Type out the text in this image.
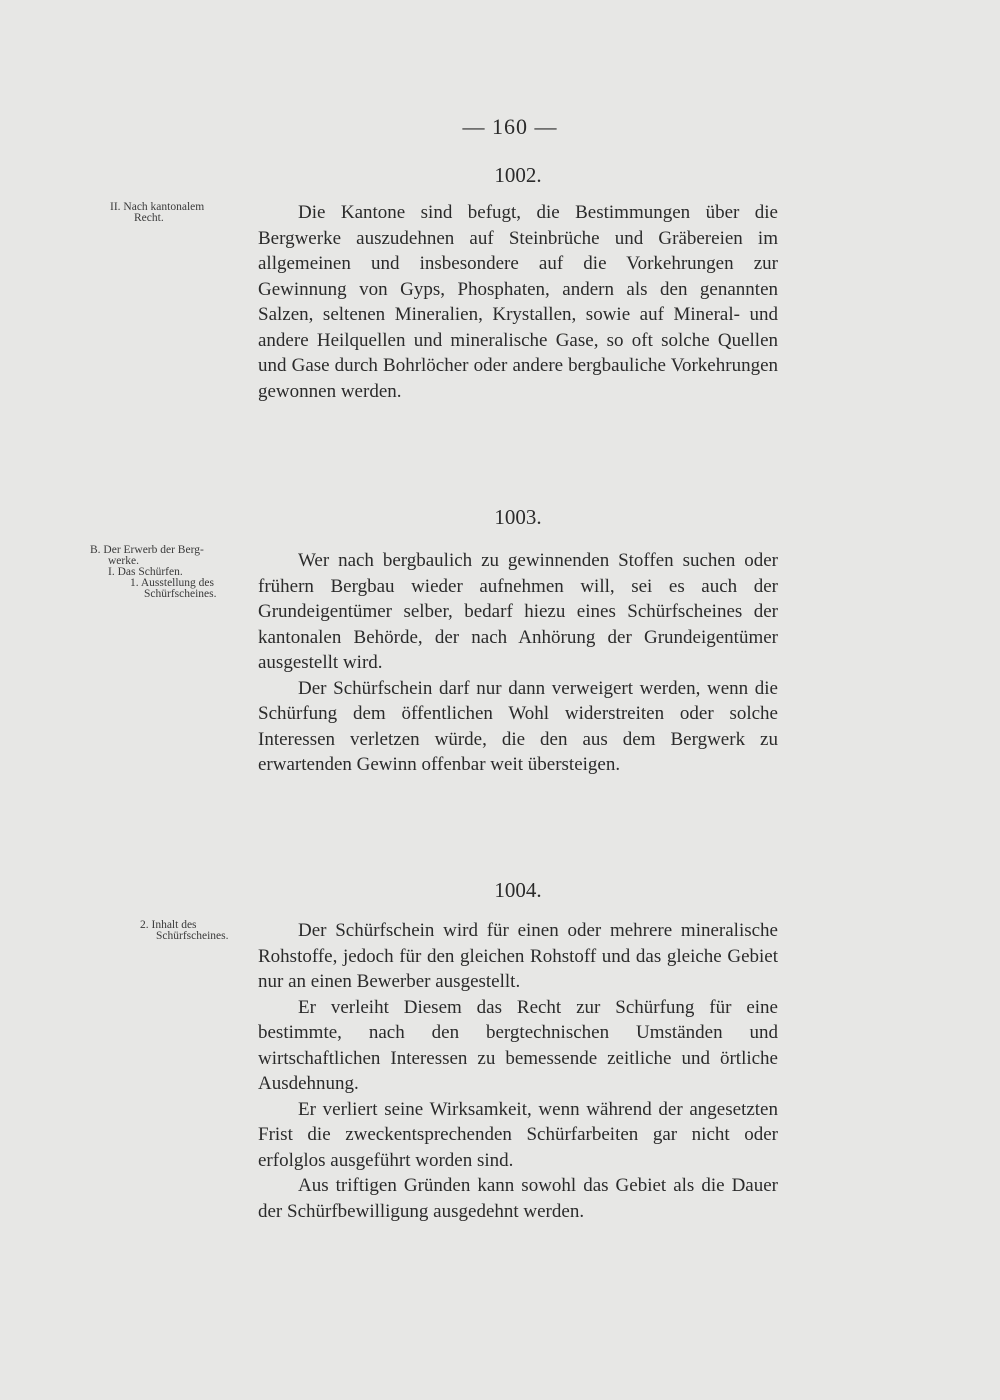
— 160 —
1002.
II. Nach kantonalem
Recht.	Die Kantone sind befugt, die Bestimmungen über die Bergwerke auszudehnen auf Steinbrüche und Gräbereien im allgemeinen und insbesondere auf die Vorkehrungen zur Gewinnung von Gyps, Phosphaten, andern als den genannten Salzen, seltenen Mineralien, Krystallen, sowie auf Mineral- und andere Heilquellen und mineralische Gase, so oft solche Quellen und Gase durch Bohrlöcher oder andere bergbauliche Vorkehrungen gewonnen werden.

1003.
B. Der Erwerb der Berg-
werke.
I. Das Schürfen.
1. Ausstellung des
Schürfscheines.

Wer nach bergbaulich zu gewinnenden Stoffen suchen oder frühern Bergbau wieder aufnehmen will, sei es auch der Grundeigentümer selber, bedarf hiezu eines Schürfscheines der kantonalen Behörde, der nach Anhörung der Grundeigentümer ausgestellt wird.

Der Schürfschein darf nur dann verweigert werden, wenn die Schürfung dem öffentlichen Wohl widerstreiten oder solche Interessen verletzen würde, die den aus dem Bergwerk zu erwartenden Gewinn offenbar weit übersteigen.

1004.
2. Inhalt des
Schürfscheines.	Der Schürfschein wird für einen oder mehrere mineralische Rohstoffe, jedoch für den gleichen Rohstoff und das gleiche Gebiet nur an einen Bewerber ausgestellt.

Er verleiht Diesem das Recht zur Schürfung für eine bestimmte, nach den bergtechnischen Umständen und wirtschaftlichen Interessen zu bemessende zeitliche und örtliche Ausdehnung.

Er verliert seine Wirksamkeit, wenn während der angesetzten Frist die zweckentsprechenden Schürfarbeiten gar nicht oder erfolglos ausgeführt worden sind.

Aus triftigen Gründen kann sowohl das Gebiet als die Dauer der Schürfbewilligung ausgedehnt werden.
